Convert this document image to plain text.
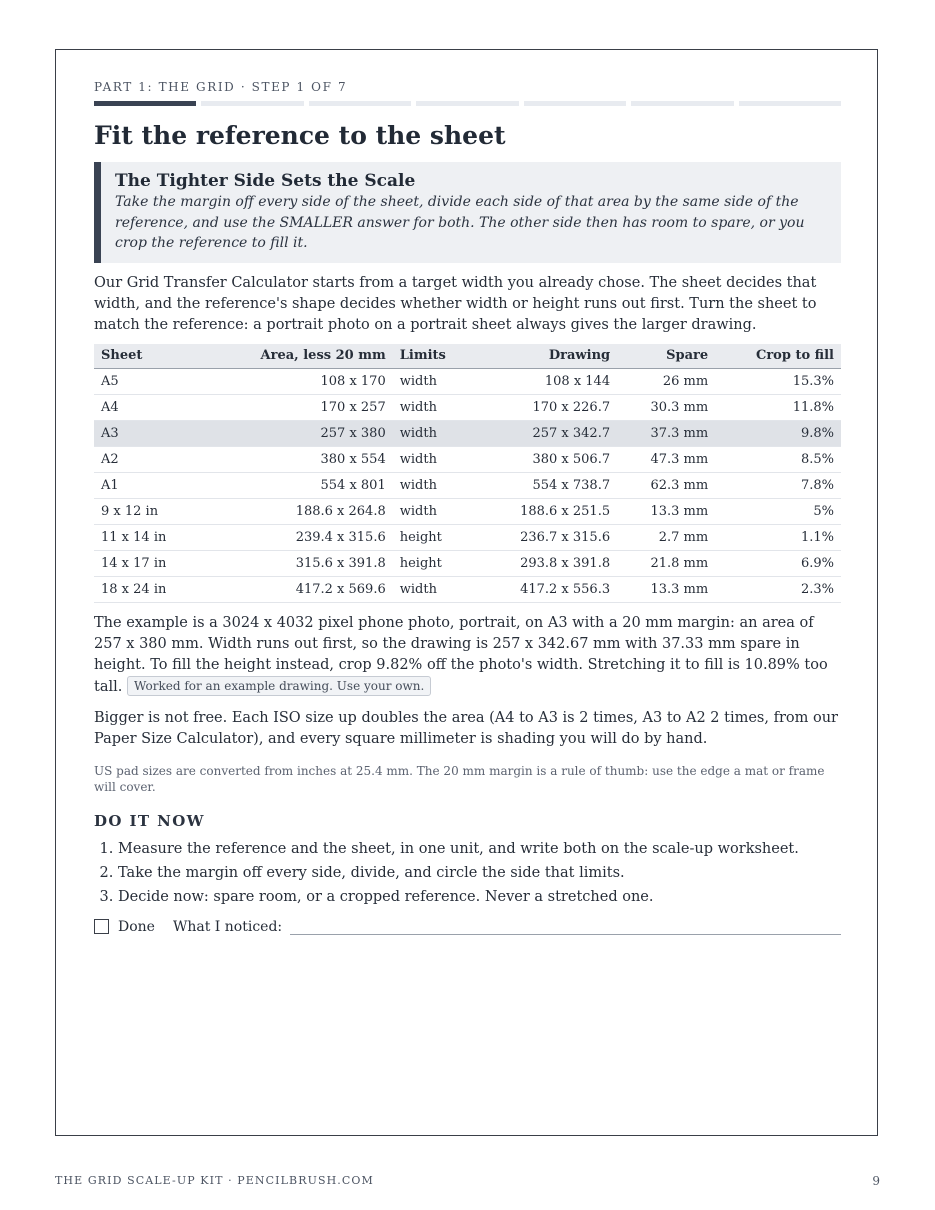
PART 1: THE GRID · STEP 1 OF 7
Fit the reference to the sheet
The Tighter Side Sets the Scale
Take the margin off every side of the sheet, divide each side of that area by the same side of the reference, and use the SMALLER answer for both. The other side then has room to spare, or you crop the reference to fill it.

Our Grid Transfer Calculator starts from a target width you already chose. The sheet decides that width, and the reference's shape decides whether width or height runs out first. Turn the sheet to match the reference: a portrait photo on a portrait sheet always gives the larger drawing.

Sheet	Area, less 20 mm	Limits	Drawing	Spare	Crop to fill
A5	108 x 170	width	108 x 144	26 mm	15.3%
A4	170 x 257	width	170 x 226.7	30.3 mm	11.8%
A3	257 x 380	width	257 x 342.7	37.3 mm	9.8%
A2	380 x 554	width	380 x 506.7	47.3 mm	8.5%
A1	554 x 801	width	554 x 738.7	62.3 mm	7.8%
9 x 12 in	188.6 x 264.8	width	188.6 x 251.5	13.3 mm	5%
11 x 14 in	239.4 x 315.6	height	236.7 x 315.6	2.7 mm	1.1%
14 x 17 in	315.6 x 391.8	height	293.8 x 391.8	21.8 mm	6.9%
18 x 24 in	417.2 x 569.6	width	417.2 x 556.3	13.3 mm	2.3%

The example is a 3024 x 4032 pixel phone photo, portrait, on A3 with a 20 mm margin: an area of 257 x 380 mm. Width runs out first, so the drawing is 257 x 342.67 mm with 37.33 mm spare in height. To fill the height instead, crop 9.82% off the photo's width. Stretching it to fill is 10.89% too tall. Worked for an example drawing. Use your own.

Bigger is not free. Each ISO size up doubles the area (A4 to A3 is 2 times, A3 to A2 2 times, from our Paper Size Calculator), and every square millimeter is shading you will do by hand.

US pad sizes are converted from inches at 25.4 mm. The 20 mm margin is a rule of thumb: use the edge a mat or frame will cover.
DO IT NOW
1. Measure the reference and the sheet, in one unit, and write both on the scale-up worksheet.
2. Take the margin off every side, divide, and circle the side that limits.
3. Decide now: spare room, or a cropped reference. Never a stretched one.
Done What I noticed:
THE GRID SCALE-UP KIT · PENCILBRUSH.COM	9
